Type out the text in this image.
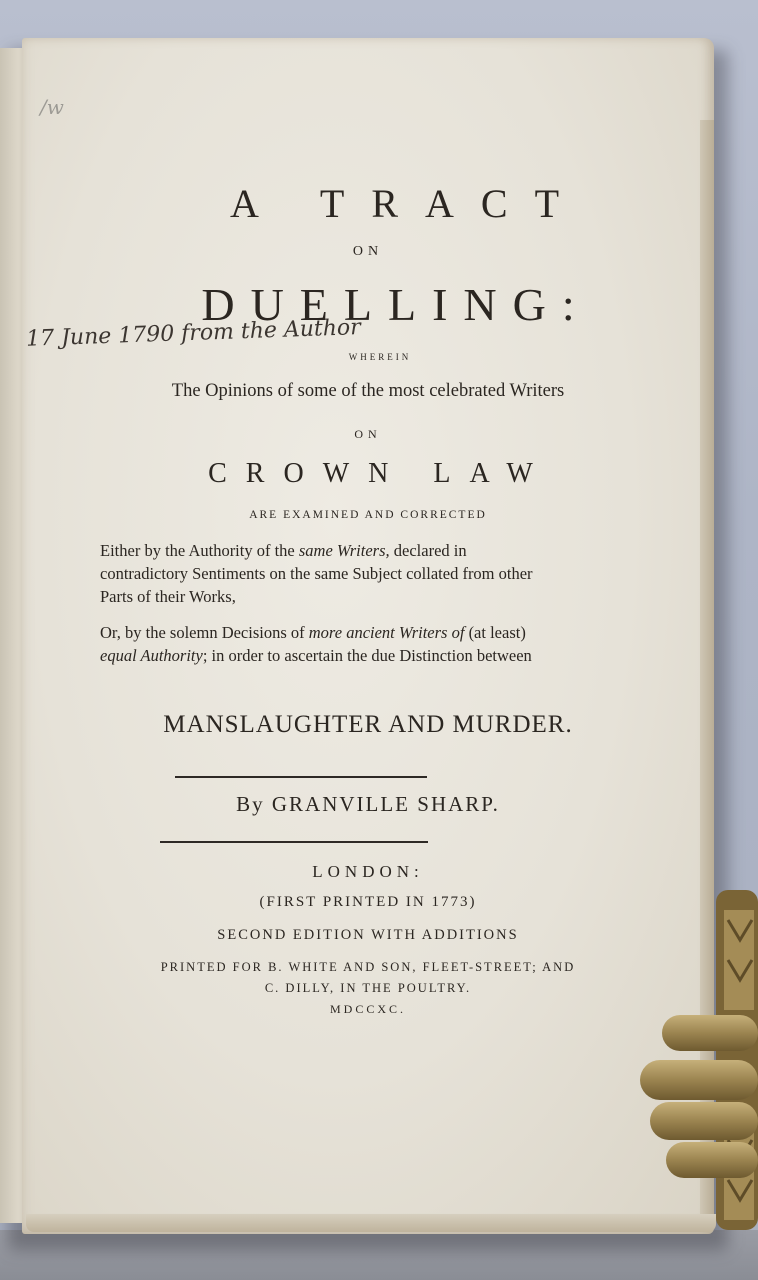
/w
A TRACT
ON
DUELLING:
17 June 1790 from the Author
WHEREIN
The Opinions of some of the most celebrated Writers
ON
CROWN LAW
ARE EXAMINED AND CORRECTED
Either by the Authority of the same Writers, declared in contradictory Sentiments on the same Subject collated from other Parts of their Works,
Or, by the solemn Decisions of more ancient Writers of (at least) equal Authority; in order to ascertain the due Distinction between
MANSLAUGHTER AND MURDER.
By GRANVILLE SHARP.
LONDON:
(FIRST PRINTED IN 1773)
SECOND EDITION WITH ADDITIONS
PRINTED FOR B. WHITE AND SON, FLEET-STREET; AND
C. DILLY, IN THE POULTRY.
MDCCXC.
